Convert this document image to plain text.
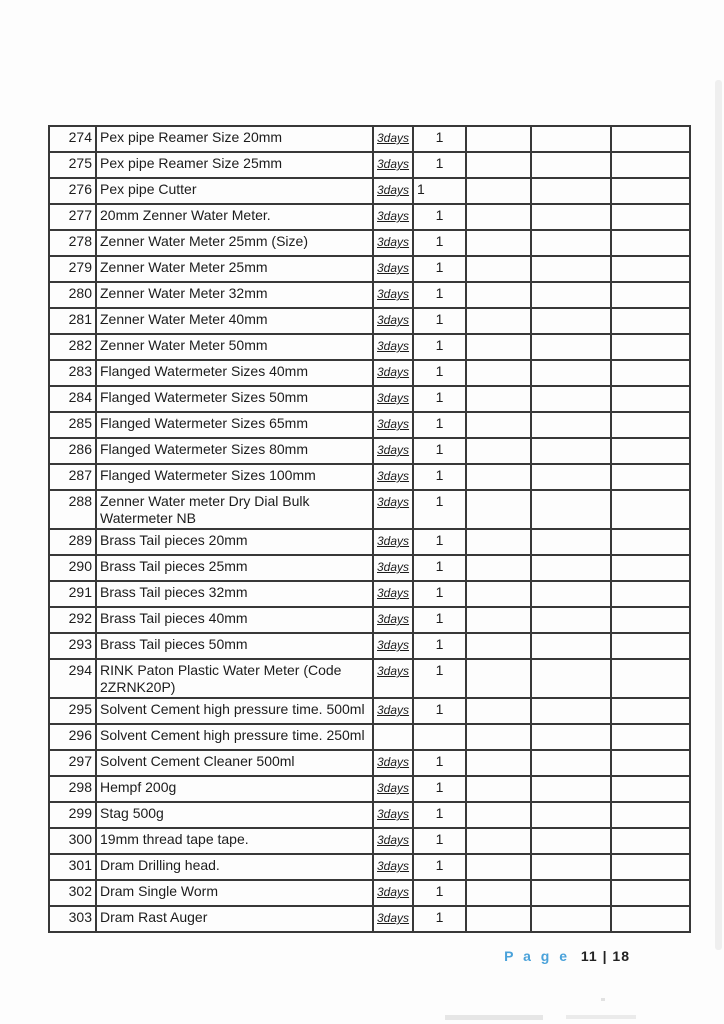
274	Pex pipe Reamer Size 20mm	3days	1			
275	Pex pipe Reamer Size 25mm	3days	1			
276	Pex pipe Cutter	3days	1			
277	20mm Zenner Water Meter.	3days	1			
278	Zenner Water Meter 25mm (Size)	3days	1			
279	Zenner Water Meter 25mm	3days	1			
280	Zenner Water Meter 32mm	3days	1			
281	Zenner Water Meter 40mm	3days	1			
282	Zenner Water Meter 50mm	3days	1			
283	Flanged Watermeter Sizes 40mm	3days	1			
284	Flanged Watermeter Sizes 50mm	3days	1			
285	Flanged Watermeter Sizes 65mm	3days	1			
286	Flanged Watermeter Sizes 80mm	3days	1			
287	Flanged Watermeter Sizes 100mm	3days	1			
288	Zenner Water meter Dry Dial Bulk Watermeter NB	3days	1			
289	Brass Tail pieces 20mm	3days	1			
290	Brass Tail pieces 25mm	3days	1			
291	Brass Tail pieces 32mm	3days	1			
292	Brass Tail pieces 40mm	3days	1			
293	Brass Tail pieces 50mm	3days	1			
294	RINK Paton Plastic Water Meter (Code 2ZRNK20P)	3days	1			
295	Solvent Cement high pressure time. 500ml	3days	1			
296	Solvent Cement high pressure time. 250ml					
297	Solvent Cement Cleaner 500ml	3days	1			
298	Hempf 200g	3days	1			
299	Stag 500g	3days	1			
300	19mm thread tape tape.	3days	1			
301	Dram Drilling head.	3days	1			
302	Dram Single Worm	3days	1			
303	Dram Rast Auger	3days	1			
P a g e 11 | 18
